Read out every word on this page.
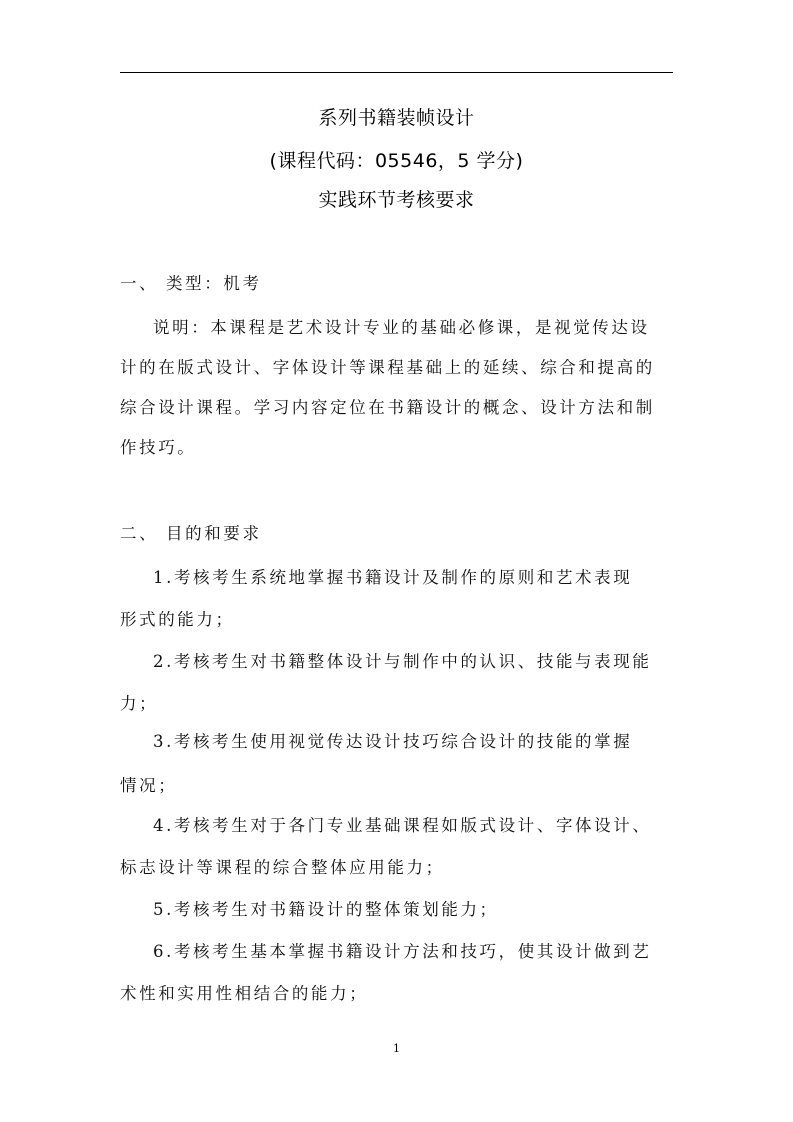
系列书籍装帧设计
(课程代码：05546，5 学分)
实践环节考核要求
一、 类型：机考
说明：本课程是艺术设计专业的基础必修课，是视觉传达设
计的在版式设计、字体设计等课程基础上的延续、综合和提高的
综合设计课程。学习内容定位在书籍设计的概念、设计方法和制
作技巧。
二、 目的和要求
1.考核考生系统地掌握书籍设计及制作的原则和艺术表现
形式的能力；
2.考核考生对书籍整体设计与制作中的认识、技能与表现能
力；
3.考核考生使用视觉传达设计技巧综合设计的技能的掌握
情况；
4.考核考生对于各门专业基础课程如版式设计、字体设计、
标志设计等课程的综合整体应用能力；
5.考核考生对书籍设计的整体策划能力；
6.考核考生基本掌握书籍设计方法和技巧，使其设计做到艺
术性和实用性相结合的能力；
1
